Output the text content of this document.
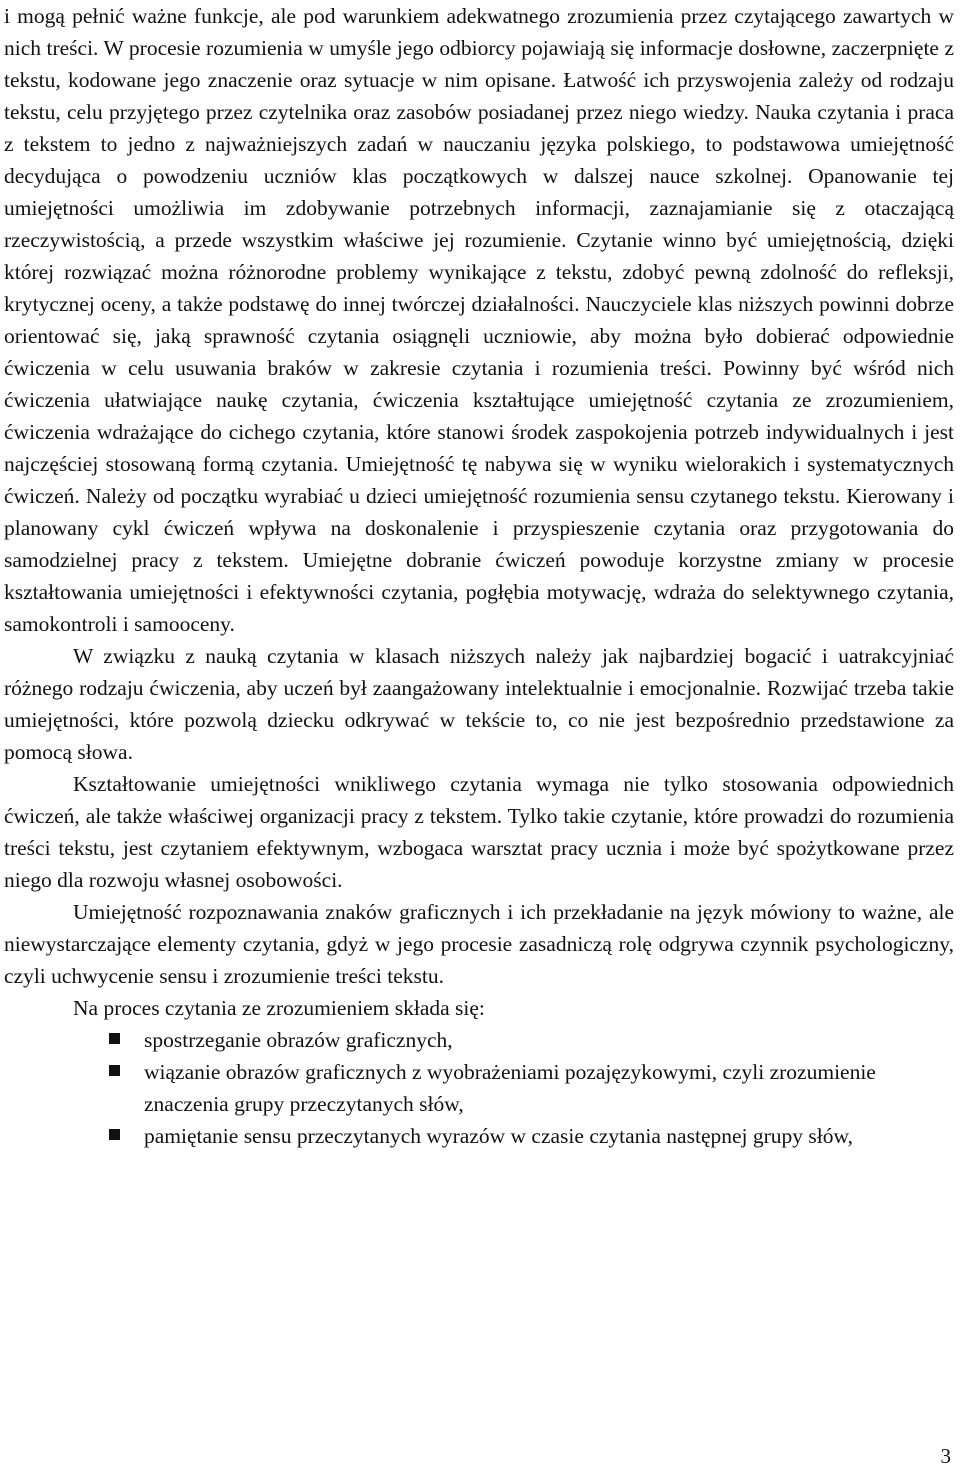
i mogą pełnić ważne funkcje, ale pod warunkiem adekwatnego zrozumienia przez czytającego zawartych w nich treści. W procesie rozumienia w umyśle jego odbiorcy pojawiają się informacje dosłowne, zaczerpnięte z tekstu, kodowane jego znaczenie oraz sytuacje w nim opisane. Łatwość ich przyswojenia zależy od rodzaju tekstu, celu przyjętego przez czytelnika oraz zasobów posiadanej przez niego wiedzy. Nauka czytania i praca z tekstem to jedno z najważniejszych zadań w nauczaniu języka polskiego, to podstawowa umiejętność decydująca o powodzeniu uczniów klas początkowych w dalszej nauce szkolnej. Opanowanie tej umiejętności umożliwia im zdobywanie potrzebnych informacji, zaznajamianie się z otaczającą rzeczywistością, a przede wszystkim właściwe jej rozumienie. Czytanie winno być umiejętnością, dzięki której rozwiązać można różnorodne problemy wynikające z tekstu, zdobyć pewną zdolność do refleksji, krytycznej oceny, a także podstawę do innej twórczej działalności. Nauczyciele klas niższych powinni dobrze orientować się, jaką sprawność czytania osiągnęli uczniowie, aby można było dobierać odpowiednie ćwiczenia w celu usuwania braków w zakresie czytania i rozumienia treści. Powinny być wśród nich ćwiczenia ułatwiające naukę czytania, ćwiczenia kształtujące umiejętność czytania ze zrozumieniem, ćwiczenia wdrażające do cichego czytania, które stanowi środek zaspokojenia potrzeb indywidualnych i jest najczęściej stosowaną formą czytania. Umiejętność tę nabywa się w wyniku wielorakich i systematycznych ćwiczeń. Należy od początku wyrabiać u dzieci umiejętność rozumienia sensu czytanego tekstu. Kierowany i planowany cykl ćwiczeń wpływa na doskonalenie i przyspieszenie czytania oraz przygotowania do samodzielnej pracy z tekstem. Umiejętne dobranie ćwiczeń powoduje korzystne zmiany w procesie kształtowania umiejętności i efektywności czytania, pogłębia motywację, wdraża do selektywnego czytania, samokontroli i samooceny.

W związku z nauką czytania w klasach niższych należy jak najbardziej bogacić i uatrakcyjniać różnego rodzaju ćwiczenia, aby uczeń był zaangażowany intelektualnie i emocjonalnie. Rozwijać trzeba takie umiejętności, które pozwolą dziecku odkrywać w tekście to, co nie jest bezpośrednio przedstawione za pomocą słowa.

Kształtowanie umiejętności wnikliwego czytania wymaga nie tylko stosowania odpowiednich ćwiczeń, ale także właściwej organizacji pracy z tekstem. Tylko takie czytanie, które prowadzi do rozumienia treści tekstu, jest czytaniem efektywnym, wzbogaca warsztat pracy ucznia i może być spożytkowane przez niego dla rozwoju własnej osobowości.

Umiejętność rozpoznawania znaków graficznych i ich przekładanie na język mówiony to ważne, ale niewystarczające elementy czytania, gdyż w jego procesie zasadniczą rolę odgrywa czynnik psychologiczny, czyli uchwycenie sensu i zrozumienie treści tekstu.

Na proces czytania ze zrozumieniem składa się:

spostrzeganie obrazów graficznych,
wiązanie obrazów graficznych z wyobrażeniami pozajęzykowymi, czyli zrozumienie znaczenia grupy przeczytanych słów,
pamiętanie sensu przeczytanych wyrazów w czasie czytania następnej grupy słów,
3
